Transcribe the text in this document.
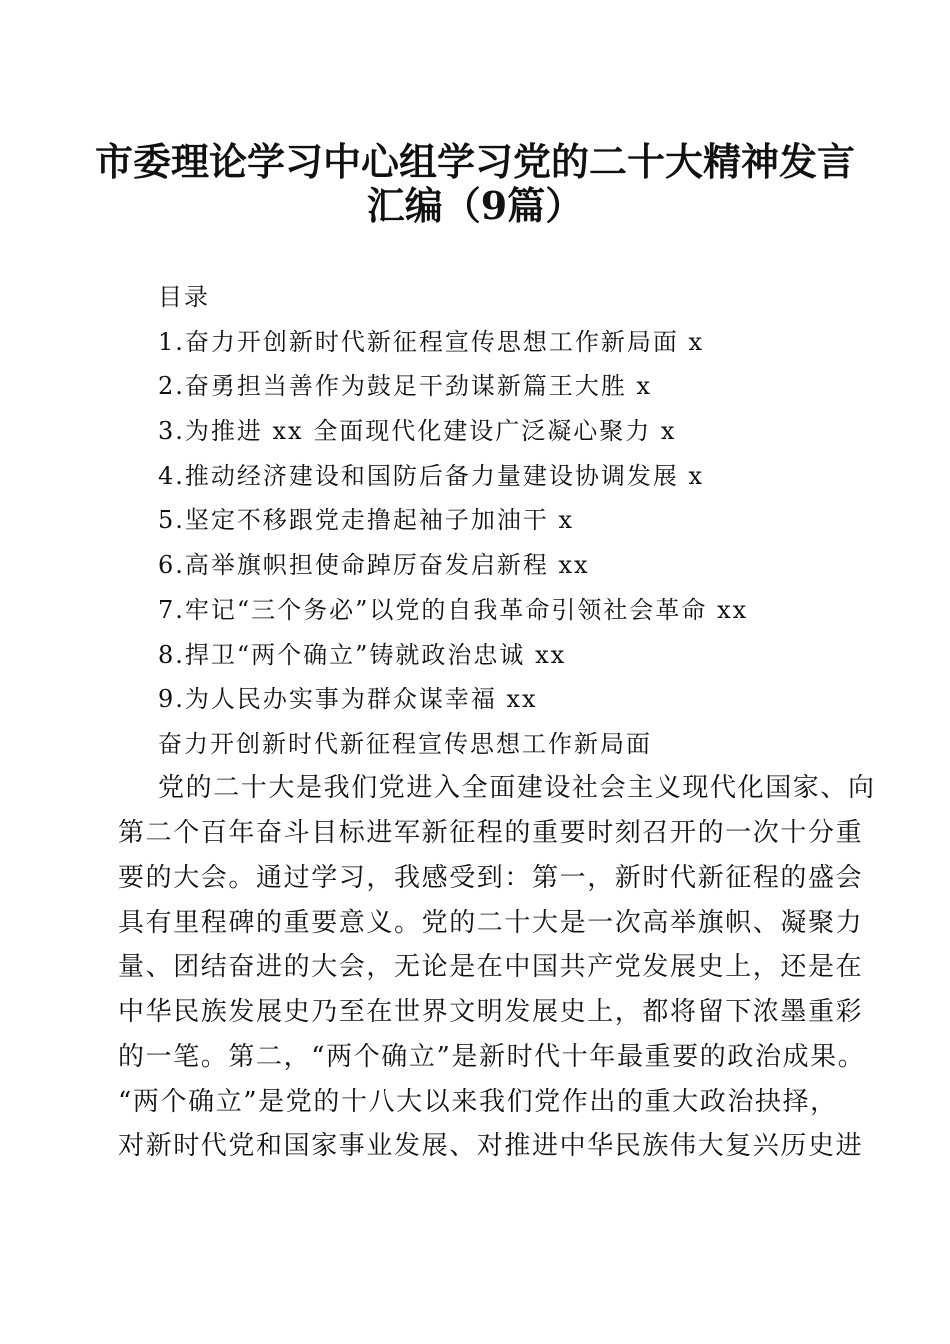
市委理论学习中心组学习党的二十大精神发言
汇编（9篇）
目录
1.奋力开创新时代新征程宣传思想工作新局面 x
2.奋勇担当善作为鼓足干劲谋新篇王大胜 x
3.为推进 xx 全面现代化建设广泛凝心聚力 x
4.推动经济建设和国防后备力量建设协调发展 x
5.坚定不移跟党走撸起袖子加油干 x
6.高举旗帜担使命踔厉奋发启新程 xx
7.牢记“三个务必”以党的自我革命引领社会革命 xx
8.捍卫“两个确立”铸就政治忠诚 xx
9.为人民办实事为群众谋幸福 xx
奋力开创新时代新征程宣传思想工作新局面
党的二十大是我们党进入全面建设社会主义现代化国家、向
第二个百年奋斗目标进军新征程的重要时刻召开的一次十分重
要的大会。通过学习，我感受到：第一，新时代新征程的盛会
具有里程碑的重要意义。党的二十大是一次高举旗帜、凝聚力
量、团结奋进的大会，无论是在中国共产党发展史上，还是在
中华民族发展史乃至在世界文明发展史上，都将留下浓墨重彩
的一笔。第二，“两个确立”是新时代十年最重要的政治成果。
“两个确立”是党的十八大以来我们党作出的重大政治抉择，
对新时代党和国家事业发展、对推进中华民族伟大复兴历史进
